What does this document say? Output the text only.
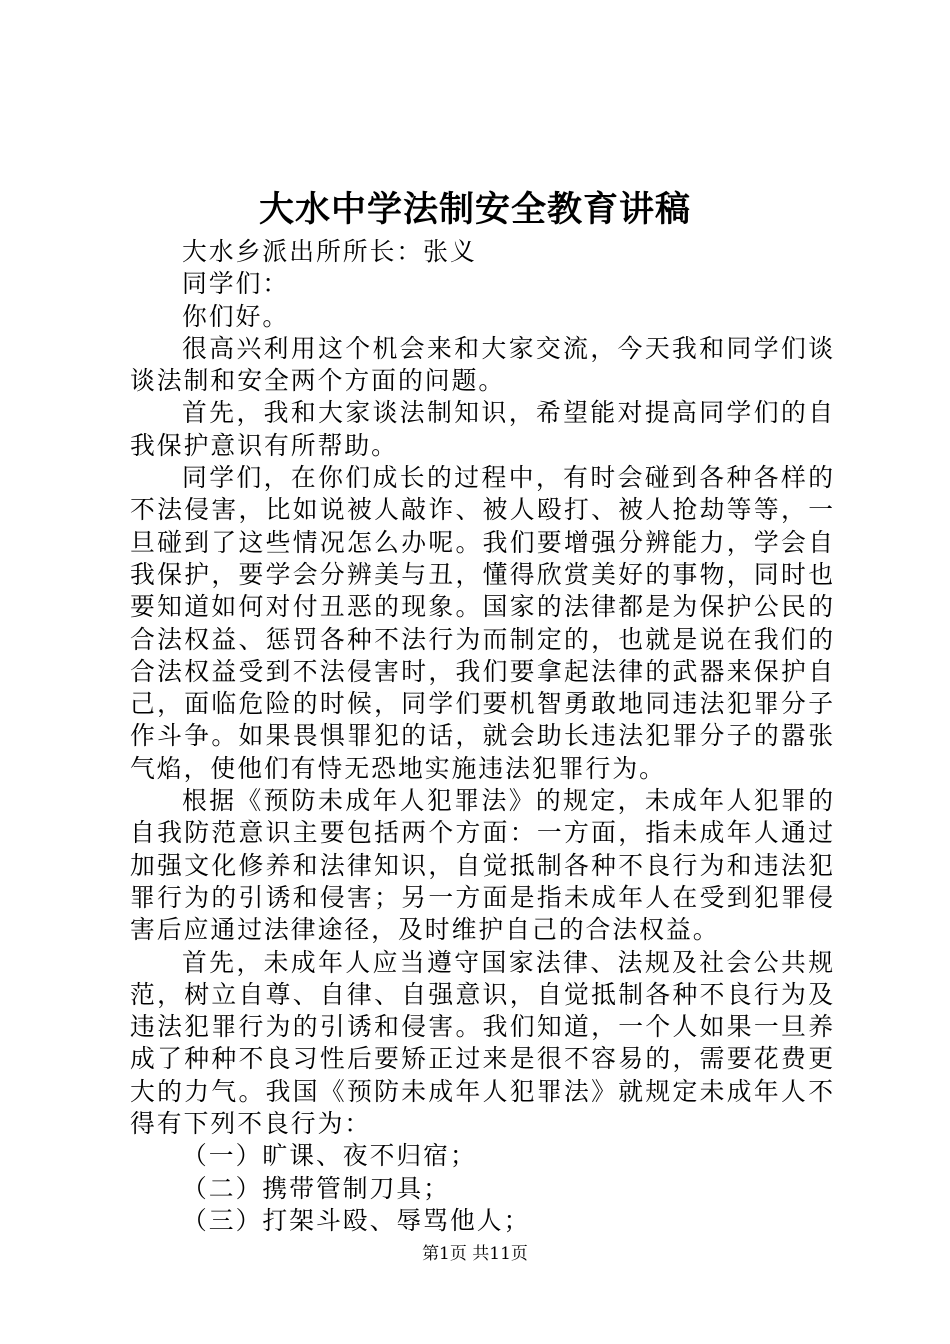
大水中学法制安全教育讲稿

大水乡派出所所长：张义

同学们：

你们好。

很高兴利用这个机会来和大家交流，今天我和同学们谈谈法制和安全两个方面的问题。

首先，我和大家谈法制知识，希望能对提高同学们的自我保护意识有所帮助。

同学们，在你们成长的过程中，有时会碰到各种各样的不法侵害，比如说被人敲诈、被人殴打、被人抢劫等等，一旦碰到了这些情况怎么办呢。我们要增强分辨能力，学会自我保护，要学会分辨美与丑，懂得欣赏美好的事物，同时也要知道如何对付丑恶的现象。国家的法律都是为保护公民的合法权益、惩罚各种不法行为而制定的，也就是说在我们的合法权益受到不法侵害时，我们要拿起法律的武器来保护自己，面临危险的时候，同学们要机智勇敢地同违法犯罪分子作斗争。如果畏惧罪犯的话，就会助长违法犯罪分子的嚣张气焰，使他们有恃无恐地实施违法犯罪行为。

根据《预防未成年人犯罪法》的规定，未成年人犯罪的自我防范意识主要包括两个方面：一方面，指未成年人通过加强文化修养和法律知识，自觉抵制各种不良行为和违法犯罪行为的引诱和侵害；另一方面是指未成年人在受到犯罪侵害后应通过法律途径，及时维护自己的合法权益。

首先，未成年人应当遵守国家法律、法规及社会公共规范，树立自尊、自律、自强意识，自觉抵制各种不良行为及违法犯罪行为的引诱和侵害。我们知道，一个人如果一旦养成了种种不良习性后要矫正过来是很不容易的，需要花费更大的力气。我国《预防未成年人犯罪法》就规定未成年人不得有下列不良行为：

（一）旷课、夜不归宿；

（二）携带管制刀具；

（三）打架斗殴、辱骂他人；

第1页 共11页
